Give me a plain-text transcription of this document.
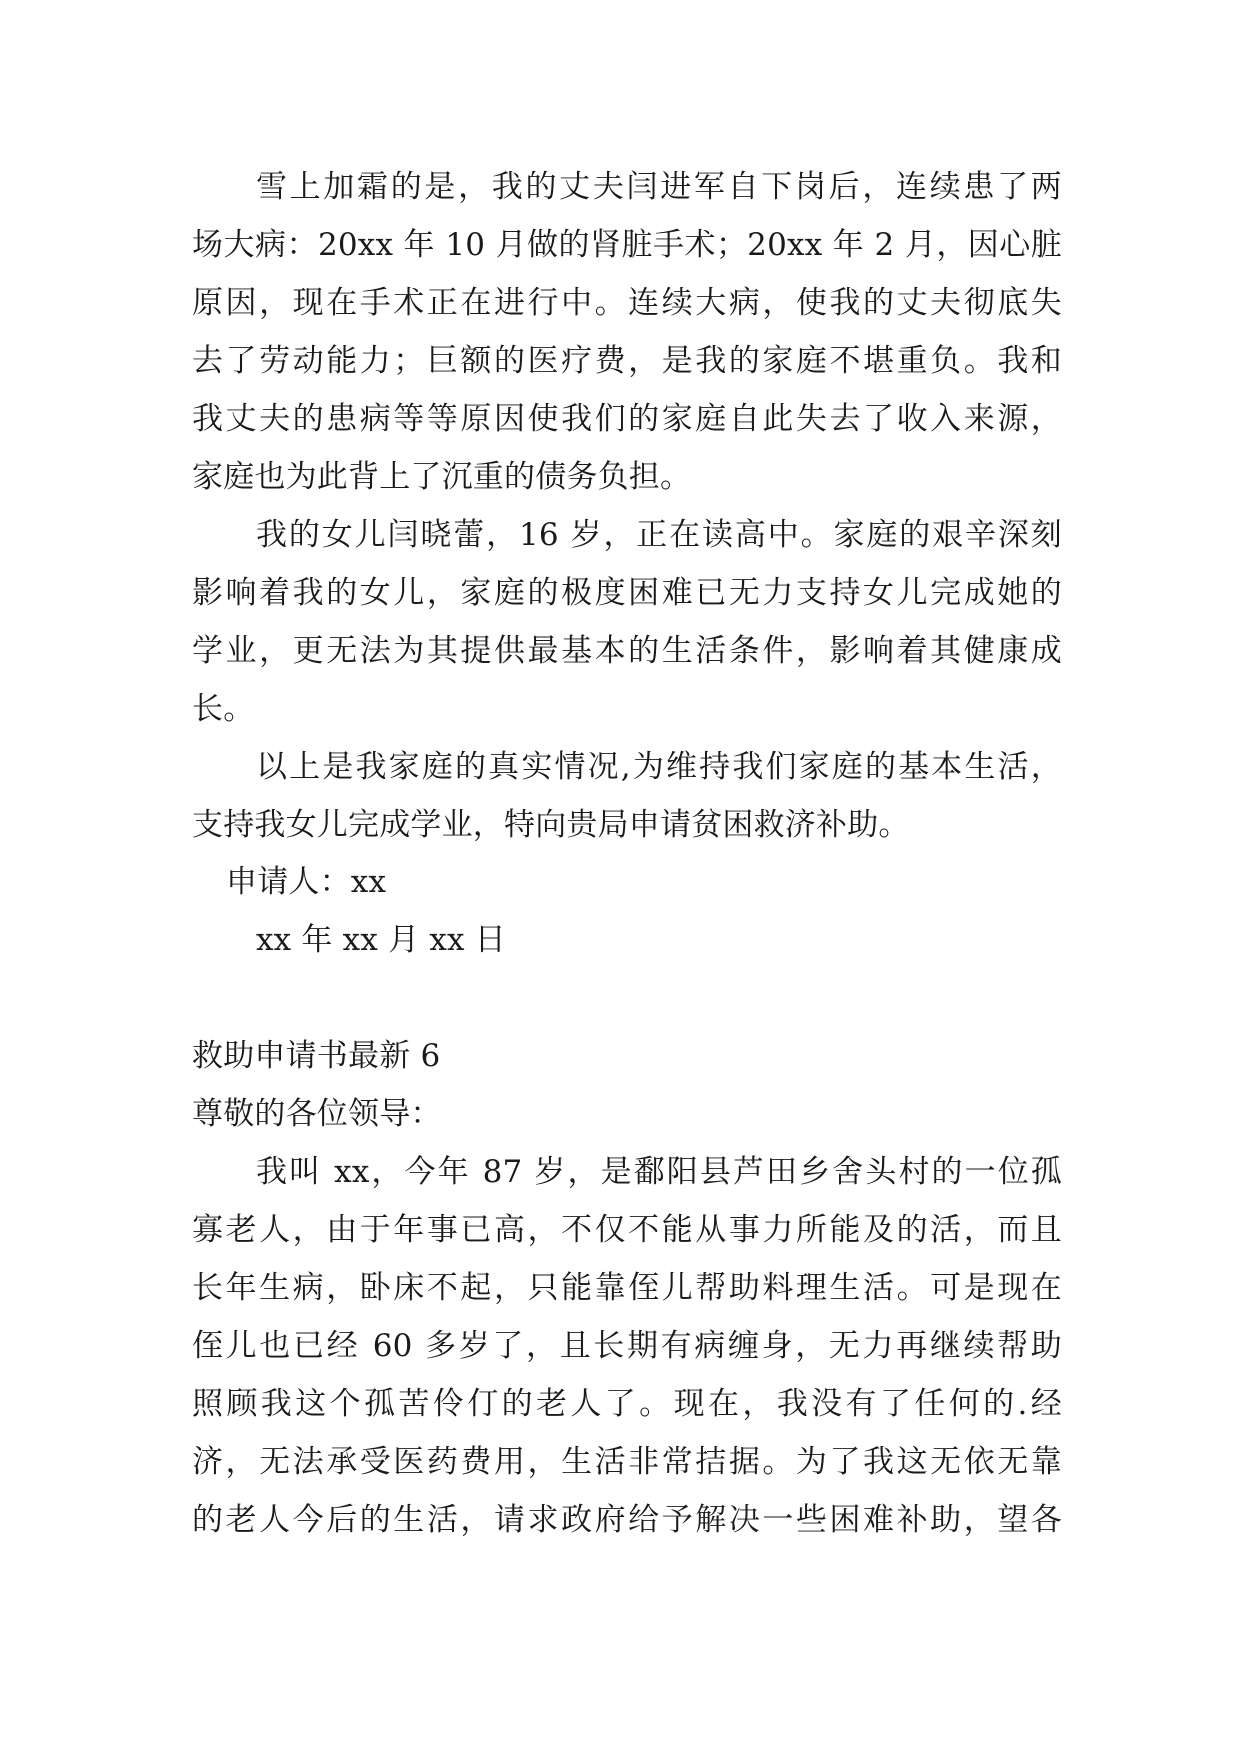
雪上加霜的是，我的丈夫闫进军自下岗后，连续患了两
场大病：20xx 年 10 月做的肾脏手术；20xx 年 2 月，因心脏
原因，现在手术正在进行中。连续大病，使我的丈夫彻底失
去了劳动能力；巨额的医疗费，是我的家庭不堪重负。我和
我丈夫的患病等等原因使我们的家庭自此失去了收入来源，
家庭也为此背上了沉重的债务负担。
我的女儿闫晓蕾，16 岁，正在读高中。家庭的艰辛深刻
影响着我的女儿，家庭的极度困难已无力支持女儿完成她的
学业，更无法为其提供最基本的生活条件，影响着其健康成
长。
以上是我家庭的真实情况,为维持我们家庭的基本生活，
支持我女儿完成学业，特向贵局申请贫困救济补助。
申请人：xx
xx 年 xx 月 xx 日
救助申请书最新 6
尊敬的各位领导：
我叫 xx，今年 87 岁，是鄱阳县芦田乡舍头村的一位孤
寡老人，由于年事已高，不仅不能从事力所能及的活，而且
长年生病，卧床不起，只能靠侄儿帮助料理生活。可是现在
侄儿也已经 60 多岁了，且长期有病缠身，无力再继续帮助
照顾我这个孤苦伶仃的老人了。现在，我没有了任何的.经
济，无法承受医药费用，生活非常拮据。为了我这无依无靠
的老人今后的生活，请求政府给予解决一些困难补助，望各
